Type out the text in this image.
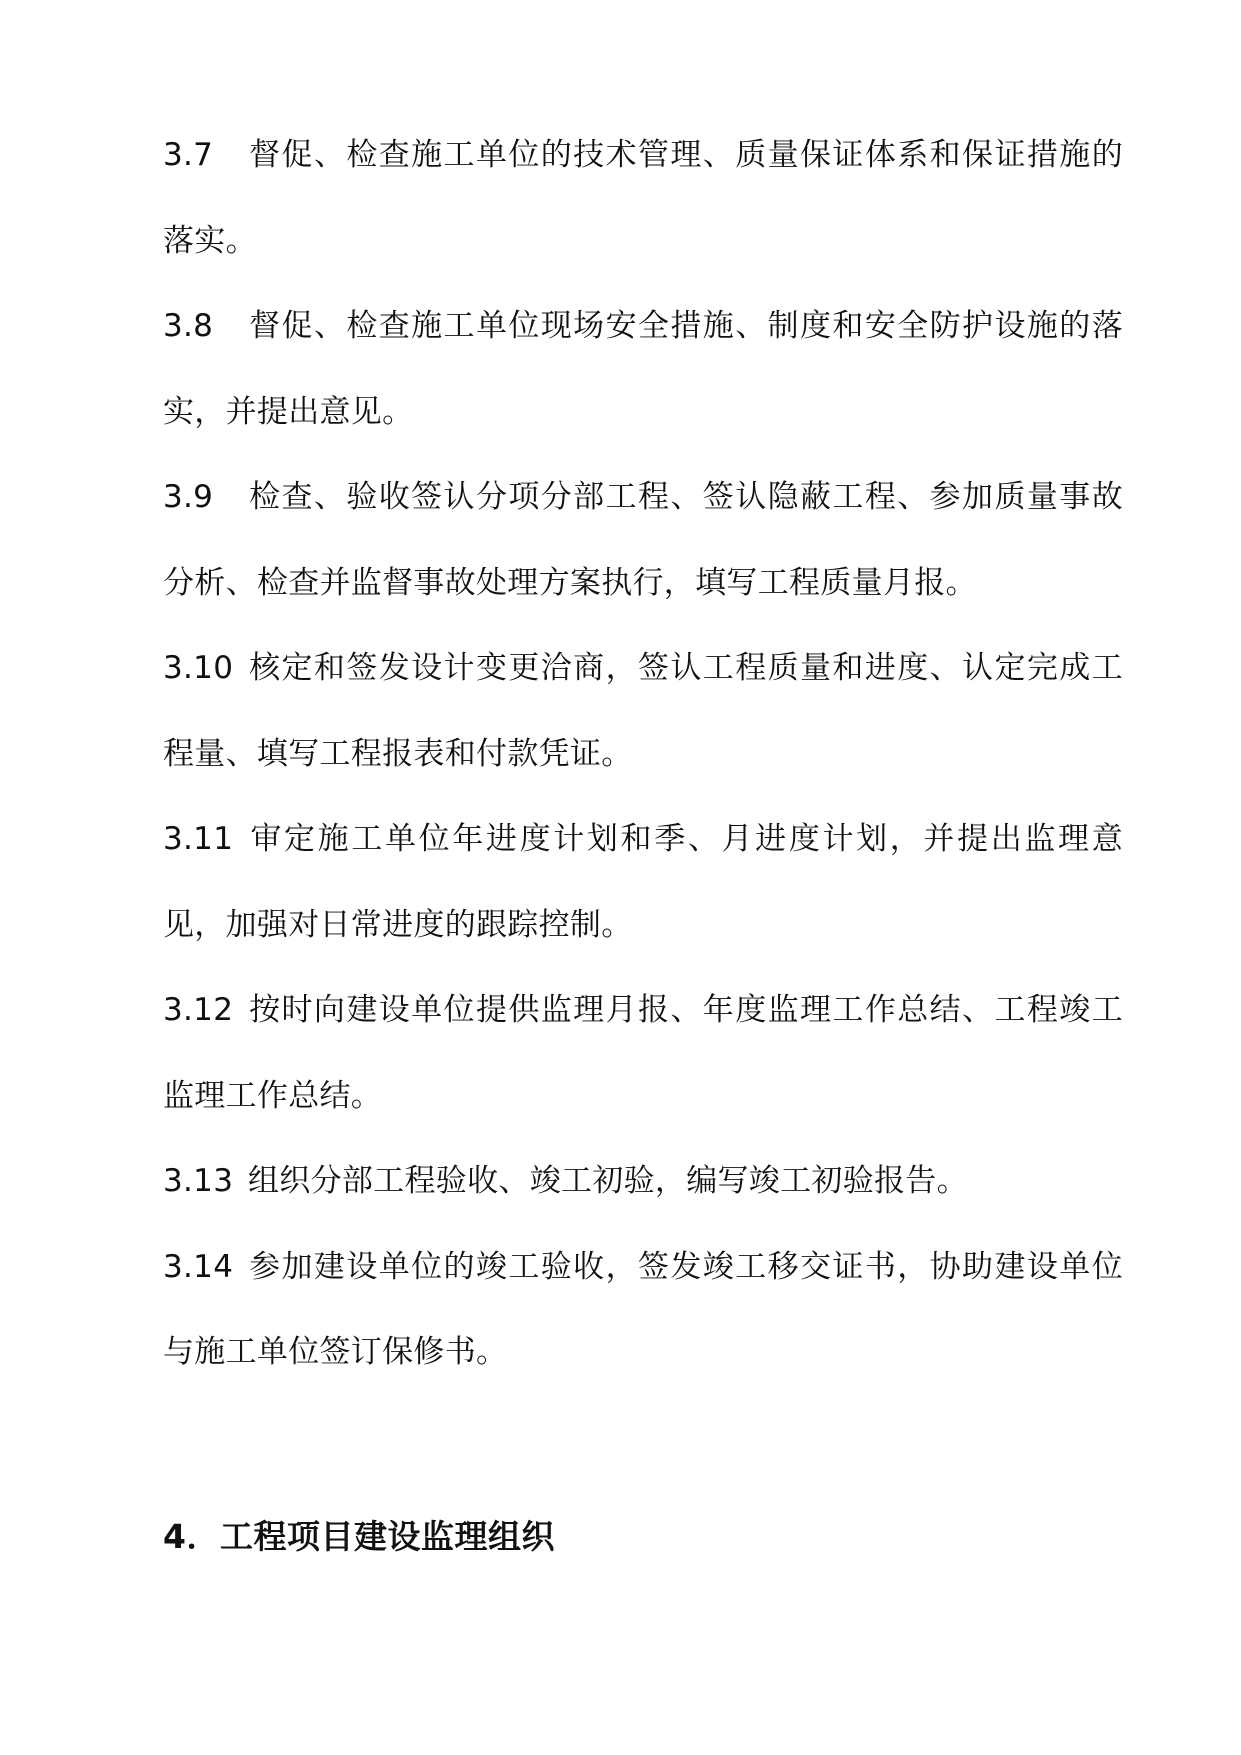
3.7 督促、检查施工单位的技术管理、质量保证体系和保证措施的落实。

3.8 督促、检查施工单位现场安全措施、制度和安全防护设施的落实，并提出意见。

3.9 检查、验收签认分项分部工程、签认隐蔽工程、参加质量事故分析、检查并监督事故处理方案执行，填写工程质量月报。

3.10 核定和签发设计变更洽商，签认工程质量和进度、认定完成工程量、填写工程报表和付款凭证。

3.11 审定施工单位年进度计划和季、月进度计划，并提出监理意见，加强对日常进度的跟踪控制。

3.12 按时向建设单位提供监理月报、年度监理工作总结、工程竣工监理工作总结。

3.13 组织分部工程验收、竣工初验，编写竣工初验报告。

3.14 参加建设单位的竣工验收，签发竣工移交证书，协助建设单位与施工单位签订保修书。

4．工程项目建设监理组织
